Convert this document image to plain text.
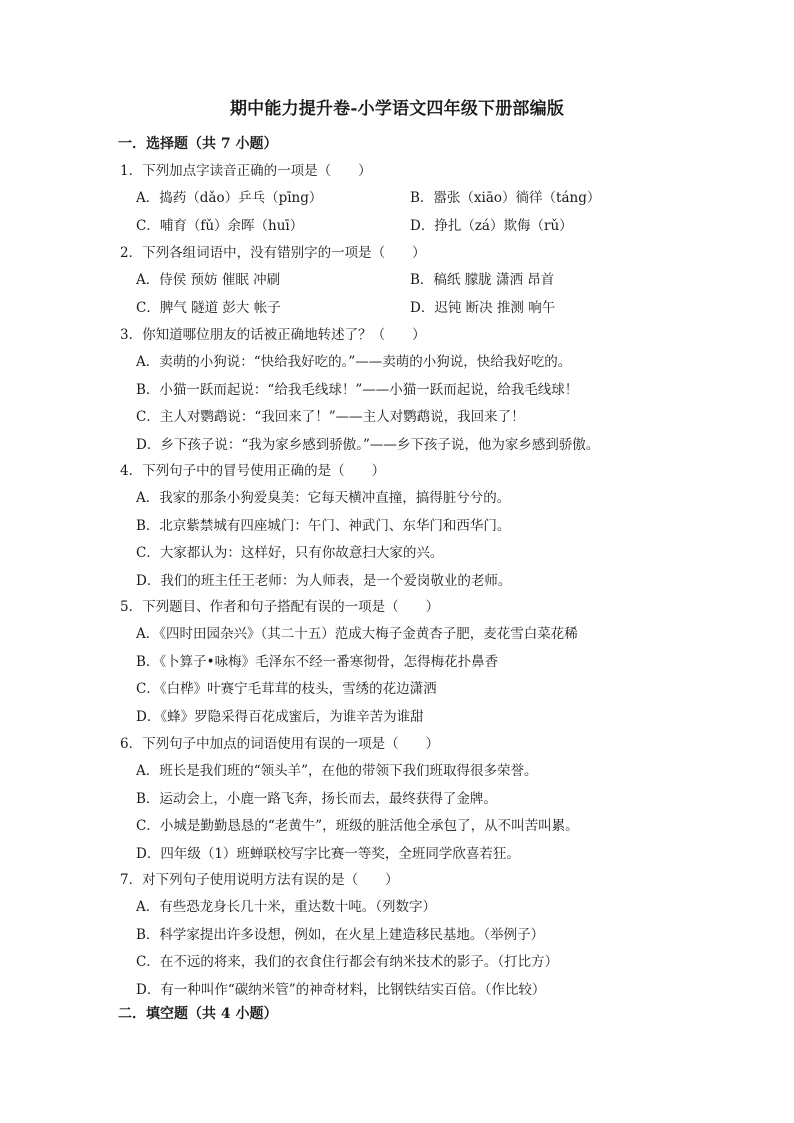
期中能力提升卷-小学语文四年级下册部编版
一．选择题（共 7 小题）
1．下列加点字读音正确的一项是（　　）
A．捣药（dǎo）乒乓（pīng）	B．嚣张（xiāo）徜徉（táng）
C．哺育（fǔ）余晖（huī）	D．挣扎（zá）欺侮（rǔ）
2．下列各组词语中，没有错别字的一项是（　　）
A．侍侯 预妨 催眠 冲刷	B．稿纸 朦胧 潇洒 昂首
C．脾气 隧道 彭大 帐子	D．迟钝 断决 推测 响午
3．你知道哪位朋友的话被正确地转述了？（　　）
A．卖萌的小狗说：“快给我好吃的。”——卖萌的小狗说，快给我好吃的。
B．小猫一跃而起说：“给我毛线球！”——小猫一跃而起说，给我毛线球！
C．主人对鹦鹉说：“我回来了！”——主人对鹦鹉说，我回来了！
D．乡下孩子说：“我为家乡感到骄傲。”——乡下孩子说，他为家乡感到骄傲。
4．下列句子中的冒号使用正确的是（　　）
A．我家的那条小狗爱臭美：它每天横冲直撞，搞得脏兮兮的。
B．北京紫禁城有四座城门：午门、神武门、东华门和西华门。
C．大家都认为：这样好，只有你故意扫大家的兴。
D．我们的班主任王老师：为人师表，是一个爱岗敬业的老师。
5．下列题目、作者和句子搭配有误的一项是（　　）
A．《四时田园杂兴》（其二十五）范成大梅子金黄杏子肥，麦花雪白菜花稀
B．《卜算子•咏梅》毛泽东不经一番寒彻骨，怎得梅花扑鼻香
C．《白桦》叶赛宁毛茸茸的枝头，雪绣的花边潇洒
D．《蜂》罗隐采得百花成蜜后，为谁辛苦为谁甜
6．下列句子中加点的词语使用有误的一项是（　　）
A．班长是我们班的“领头羊”，在他的带领下我们班取得很多荣誉。
B．运动会上，小鹿一路飞奔，扬长而去，最终获得了金牌。
C．小城是勤勤恳恳的“老黄牛”，班级的脏活他全承包了，从不叫苦叫累。
D．四年级（1）班蝉联校写字比赛一等奖，全班同学欣喜若狂。
7．对下列句子使用说明方法有误的是（　　）
A．有些恐龙身长几十米，重达数十吨。（列数字）
B．科学家提出许多设想，例如，在火星上建造移民基地。（举例子）
C．在不远的将来，我们的衣食住行都会有纳米技术的影子。（打比方）
D．有一种叫作“碳纳米管”的神奇材料，比钢铁结实百倍。（作比较）
二．填空题（共 4 小题）
